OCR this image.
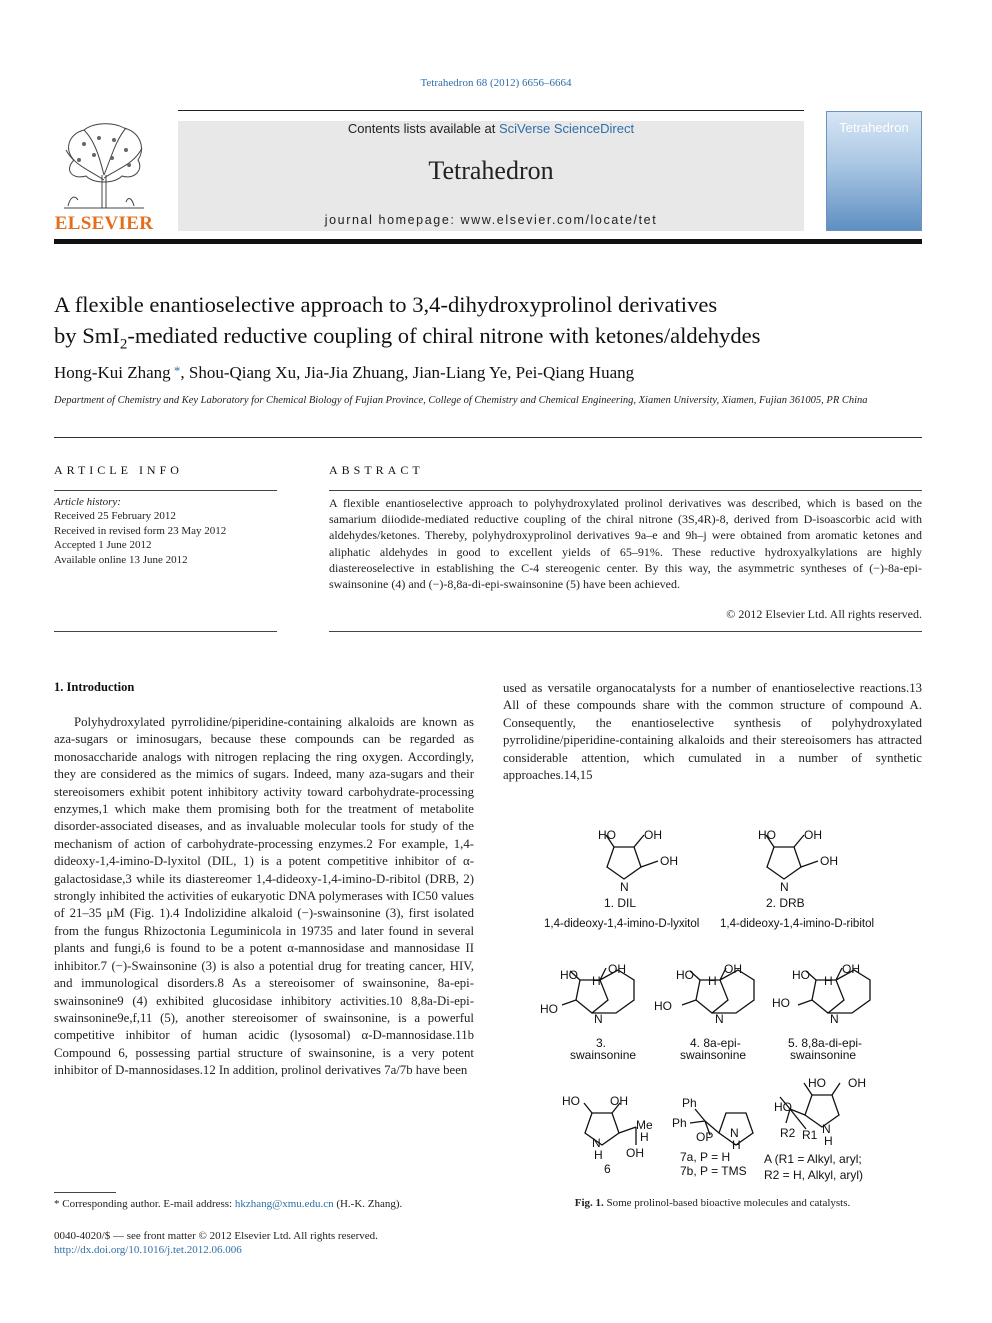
Tetrahedron 68 (2012) 6656–6664
ELSEVIER
Contents lists available at SciVerse ScienceDirect
Tetrahedron
journal homepage: www.elsevier.com/locate/tet
Tetrahedron
A flexible enantioselective approach to 3,4-dihydroxyprolinol derivatives
by SmI$_2$-mediated reductive coupling of chiral nitrone with ketones/aldehydes
Hong-Kui Zhang *, Shou-Qiang Xu, Jia-Jia Zhuang, Jian-Liang Ye, Pei-Qiang Huang
Department of Chemistry and Key Laboratory for Chemical Biology of Fujian Province, College of Chemistry and Chemical Engineering, Xiamen University, Xiamen, Fujian 361005, PR China
ARTICLE INFO	ABSTRACT
Article history:
Received 25 February 2012
Received in revised form 23 May 2012
Accepted 1 June 2012
Available online 13 June 2012
A flexible enantioselective approach to polyhydroxylated prolinol derivatives was described, which is based on the samarium diiodide-mediated reductive coupling of the chiral nitrone (3S,4R)-8, derived from D-isoascorbic acid with aldehydes/ketones. Thereby, polyhydroxyprolinol derivatives 9a–e and 9h–j were obtained from aromatic ketones and aliphatic aldehydes in good to excellent yields of 65–91%. These reductive hydroxyalkylations are highly diastereoselective in establishing the C-4 stereogenic center. By this way, the asymmetric syntheses of (−)-8a-epi-swainsonine (4) and (−)-8,8a-di-epi-swainsonine (5) have been achieved.
© 2012 Elsevier Ltd. All rights reserved.
1. Introduction
Polyhydroxylated pyrrolidine/piperidine-containing alkaloids are known as aza-sugars or iminosugars, because these compounds can be regarded as monosaccharide analogs with nitrogen replacing the ring oxygen. Accordingly, they are considered as the mimics of sugars. Indeed, many aza-sugars and their stereoisomers exhibit potent inhibitory activity toward carbohydrate-processing enzymes,1 which make them promising both for the treatment of metabolite disorder-associated diseases, and as invaluable molecular tools for study of the mechanism of action of carbohydrate-processing enzymes.2 For example, 1,4-dideoxy-1,4-imino-D-lyxitol (DIL, 1) is a potent competitive inhibitor of α-galactosidase,3 while its diastereomer 1,4-dideoxy-1,4-imino-D-ribitol (DRB, 2) strongly inhibited the activities of eukaryotic DNA polymerases with IC50 values of 21–35 μM (Fig. 1).4 Indolizidine alkaloid (−)-swainsonine (3), first isolated from the fungus Rhizoctonia Leguminicola in 19735 and later found in several plants and fungi,6 is found to be a potent α-mannosidase and mannosidase II inhibitor.7 (−)-Swainsonine (3) is also a potential drug for treating cancer, HIV, and immunological disorders.8 As a stereoisomer of swainsonine, 8a-epi-swainsonine9 (4) exhibited glucosidase inhibitory activities.10 8,8a-Di-epi-swainsonine9e,f,11 (5), another stereoisomer of swainsonine, is a powerful competitive inhibitor of human acidic (lysosomal) α-D-mannosidase.11b Compound 6, possessing partial structure of swainsonine, is a very potent inhibitor of D-mannosidases.12 In addition, prolinol derivatives 7a/7b have been
used as versatile organocatalysts for a number of enantioselective reactions.13 All of these compounds share with the common structure of compound A. Consequently, the enantioselective synthesis of polyhydroxylated pyrrolidine/piperidine-containing alkaloids and their stereoisomers has attracted considerable attention, which cumulated in a number of synthetic approaches.14,15
HO OH
OH
N
HO OH
OH
N
HO	OH
HO
N
H	HO	OH
HO
N
H	HO	OH
HO
N
H
HO	OH
Me
H
OH
N
H
Ph
Ph
OP N
H
HO OH
HO
R2 R1 N
H
1. DIL
1,4-dideoxy-1,4-imino-D-lyxitol
2. DRB
1,4-dideoxy-1,4-imino-D-ribitol
3.
swainsonine
4. 8a-epi-
swainsonine
5. 8,8a-di-epi-
swainsonine
6
7a, P = H
7b, P = TMS
A (R1 = Alkyl, aryl;
R2 = H, Alkyl, aryl)
Fig. 1. Some prolinol-based bioactive molecules and catalysts.
* Corresponding author. E-mail address: hkzhang@xmu.edu.cn (H.-K. Zhang).
0040-4020/$ — see front matter © 2012 Elsevier Ltd. All rights reserved.
http://dx.doi.org/10.1016/j.tet.2012.06.006
